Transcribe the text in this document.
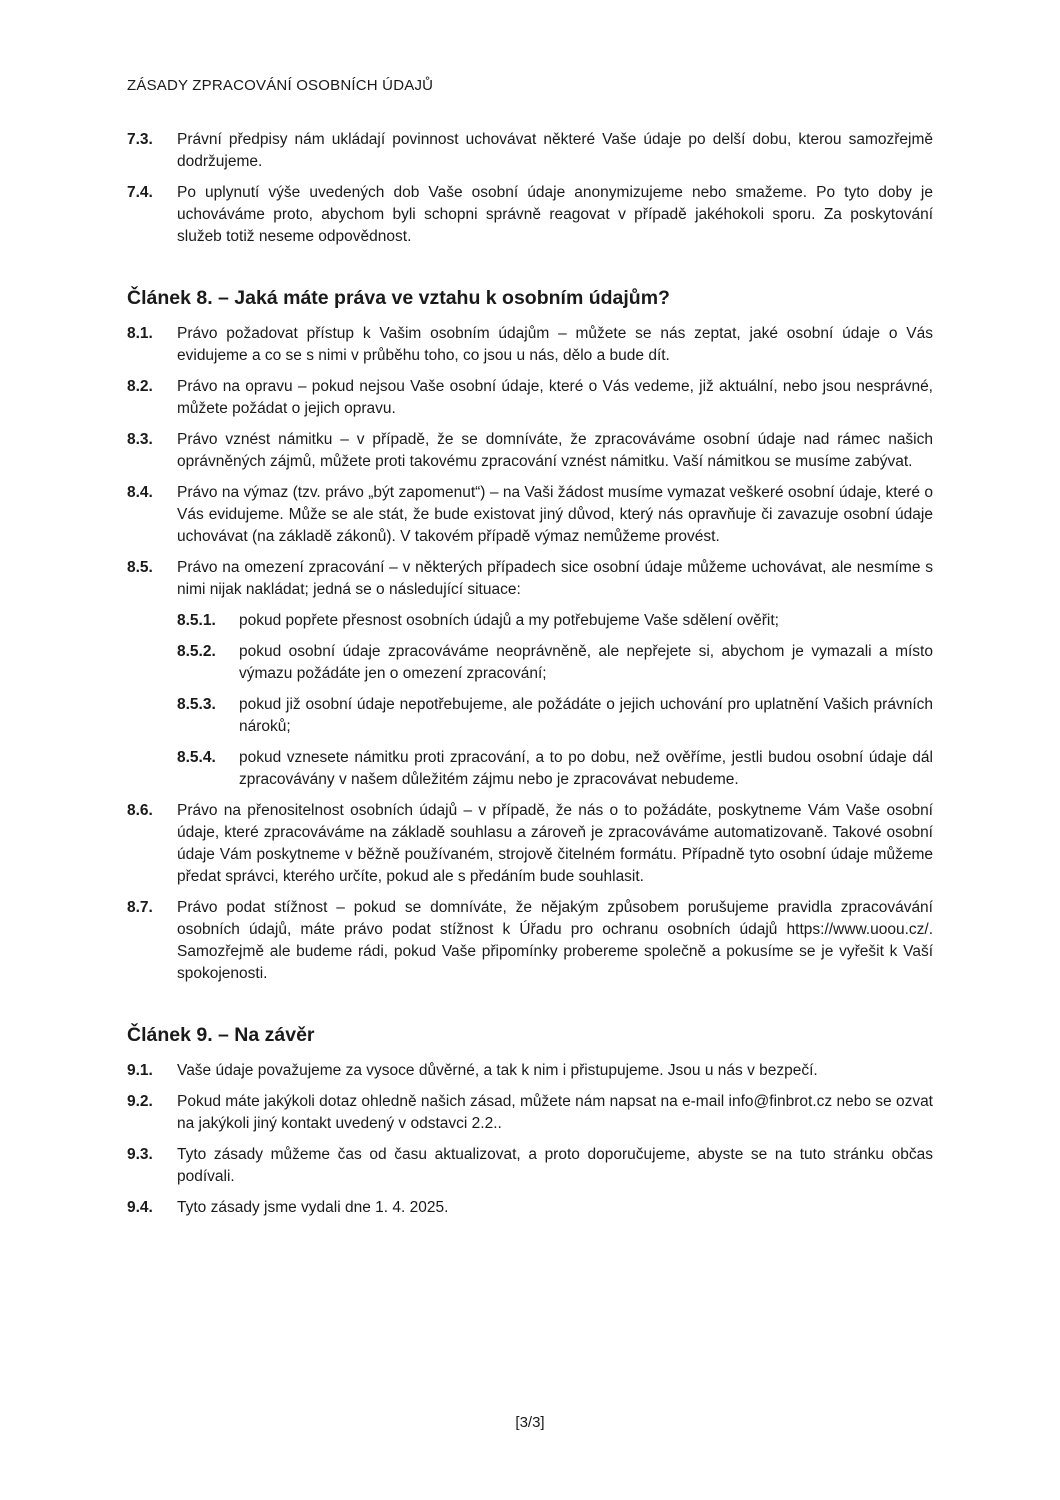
ZÁSADY ZPRACOVÁNÍ OSOBNÍCH ÚDAJŮ
7.3.	Právní předpisy nám ukládají povinnost uchovávat některé Vaše údaje po delší dobu, kterou samozřejmě dodržujeme.
7.4.	Po uplynutí výše uvedených dob Vaše osobní údaje anonymizujeme nebo smažeme. Po tyto doby je uchováváme proto, abychom byli schopni správně reagovat v případě jakéhokoli sporu. Za poskytování služeb totiž neseme odpovědnost.
Článek 8. – Jaká máte práva ve vztahu k osobním údajům?
8.1.	Právo požadovat přístup k Vašim osobním údajům – můžete se nás zeptat, jaké osobní údaje o Vás evidujeme a co se s nimi v průběhu toho, co jsou u nás, dělo a bude dít.
8.2.	Právo na opravu – pokud nejsou Vaše osobní údaje, které o Vás vedeme, již aktuální, nebo jsou nesprávné, můžete požádat o jejich opravu.
8.3.	Právo vznést námitku – v případě, že se domníváte, že zpracováváme osobní údaje nad rámec našich oprávněných zájmů, můžete proti takovému zpracování vznést námitku. Vaší námitkou se musíme zabývat.
8.4.	Právo na výmaz (tzv. právo „být zapomenut“) – na Vaši žádost musíme vymazat veškeré osobní údaje, které o Vás evidujeme. Může se ale stát, že bude existovat jiný důvod, který nás opravňuje či zavazuje osobní údaje uchovávat (na základě zákonů). V takovém případě výmaz nemůžeme provést.
8.5.	Právo na omezení zpracování – v některých případech sice osobní údaje můžeme uchovávat, ale nesmíme s nimi nijak nakládat; jedná se o následující situace:
8.5.1.	pokud popřete přesnost osobních údajů a my potřebujeme Vaše sdělení ověřit;
8.5.2.	pokud osobní údaje zpracováváme neoprávněně, ale nepřejete si, abychom je vymazali a místo výmazu požádáte jen o omezení zpracování;
8.5.3.	pokud již osobní údaje nepotřebujeme, ale požádáte o jejich uchování pro uplatnění Vašich právních nároků;
8.5.4.	pokud vznesete námitku proti zpracování, a to po dobu, než ověříme, jestli budou osobní údaje dál zpracovávány v našem důležitém zájmu nebo je zpracovávat nebudeme.
8.6.	Právo na přenositelnost osobních údajů – v případě, že nás o to požádáte, poskytneme Vám Vaše osobní údaje, které zpracováváme na základě souhlasu a zároveň je zpracováváme automatizovaně. Takové osobní údaje Vám poskytneme v běžně používaném, strojově čitelném formátu. Případně tyto osobní údaje můžeme předat správci, kterého určíte, pokud ale s předáním bude souhlasit.
8.7.	Právo podat stížnost – pokud se domníváte, že nějakým způsobem porušujeme pravidla zpracovávání osobních údajů, máte právo podat stížnost k Úřadu pro ochranu osobních údajů https://www.uoou.cz/. Samozřejmě ale budeme rádi, pokud Vaše připomínky probereme společně a pokusíme se je vyřešit k Vaší spokojenosti.
Článek 9. – Na závěr
9.1.	Vaše údaje považujeme za vysoce důvěrné, a tak k nim i přistupujeme. Jsou u nás v bezpečí.
9.2.	Pokud máte jakýkoli dotaz ohledně našich zásad, můžete nám napsat na e-mail info@finbrot.cz nebo se ozvat na jakýkoli jiný kontakt uvedený v odstavci 2.2..
9.3.	Tyto zásady můžeme čas od času aktualizovat, a proto doporučujeme, abyste se na tuto stránku občas podívali.
9.4.	Tyto zásady jsme vydali dne 1. 4. 2025.
[3/3]
